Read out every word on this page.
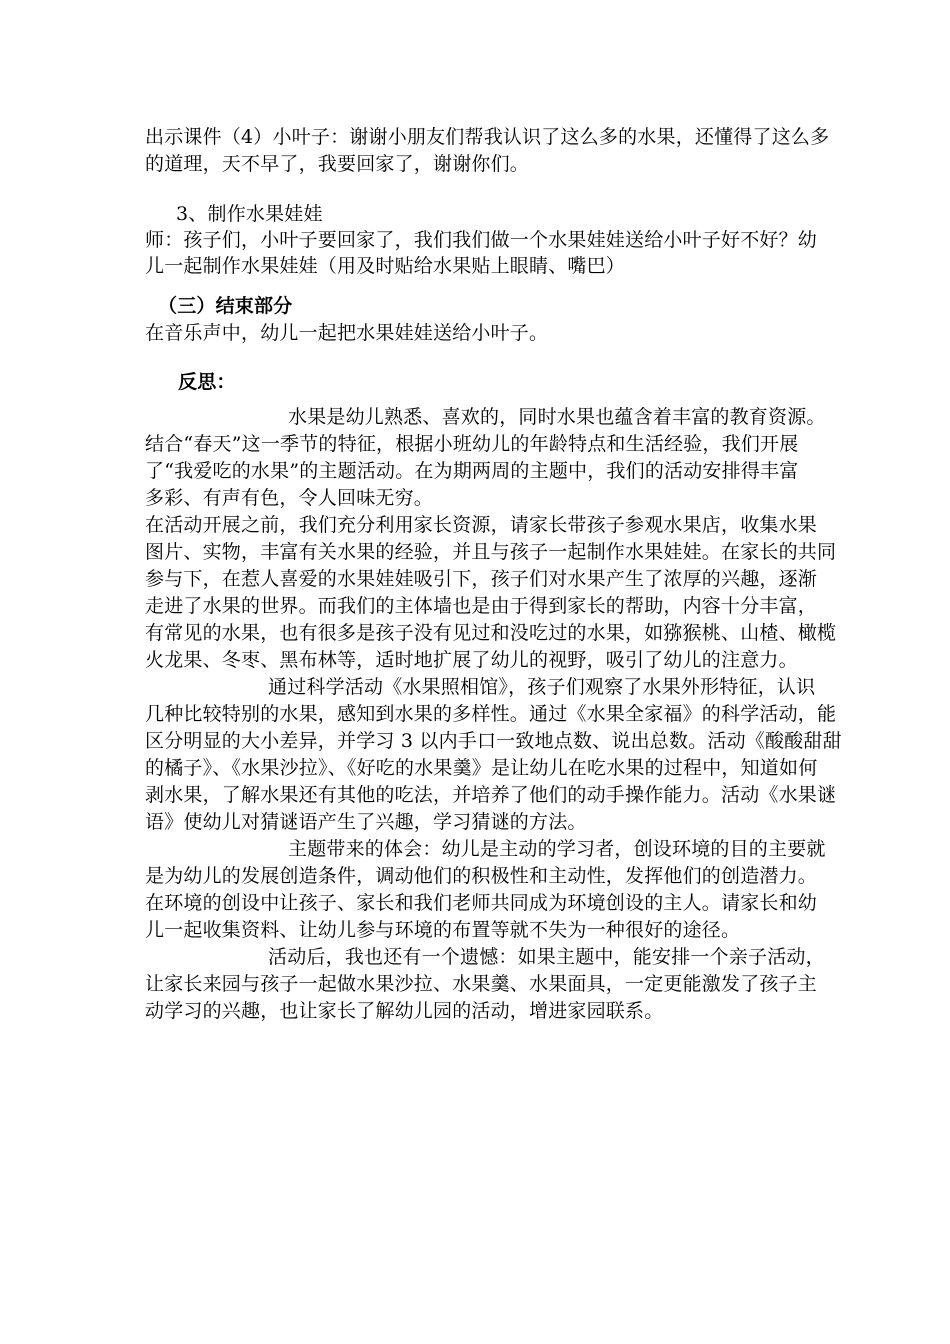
出示课件（4）小叶子：谢谢小朋友们帮我认识了这么多的水果，还懂得了这么多
的道理，天不早了，我要回家了，谢谢你们。
3、制作水果娃娃
师：孩子们，小叶子要回家了，我们我们做一个水果娃娃送给小叶子好不好？幼
儿一起制作水果娃娃（用及时贴给水果贴上眼睛、嘴巴）
（三）结束部分
在音乐声中，幼儿一起把水果娃娃送给小叶子。
反思：
水果是幼儿熟悉、喜欢的，同时水果也蕴含着丰富的教育资源。
结合“春天”这一季节的特征，根据小班幼儿的年龄特点和生活经验，我们开展
了“我爱吃的水果”的主题活动。在为期两周的主题中，我们的活动安排得丰富
多彩、有声有色，令人回味无穷。
在活动开展之前，我们充分利用家长资源，请家长带孩子参观水果店，收集水果
图片、实物，丰富有关水果的经验，并且与孩子一起制作水果娃娃。在家长的共同
参与下，在惹人喜爱的水果娃娃吸引下，孩子们对水果产生了浓厚的兴趣，逐渐
走进了水果的世界。而我们的主体墙也是由于得到家长的帮助，内容十分丰富，
有常见的水果，也有很多是孩子没有见过和没吃过的水果，如猕猴桃、山楂、橄榄
火龙果、冬枣、黑布林等，适时地扩展了幼儿的视野，吸引了幼儿的注意力。
通过科学活动《水果照相馆》，孩子们观察了水果外形特征，认识
几种比较特别的水果，感知到水果的多样性。通过《水果全家福》的科学活动，能
区分明显的大小差异，并学习 3 以内手口一致地点数、说出总数。活动《酸酸甜甜
的橘子》、《水果沙拉》、《好吃的水果羹》是让幼儿在吃水果的过程中，知道如何
剥水果，了解水果还有其他的吃法，并培养了他们的动手操作能力。活动《水果谜
语》使幼儿对猜谜语产生了兴趣，学习猜谜的方法。
主题带来的体会：幼儿是主动的学习者，创设环境的目的主要就
是为幼儿的发展创造条件，调动他们的积极性和主动性，发挥他们的创造潜力。
在环境的创设中让孩子、家长和我们老师共同成为环境创设的主人。请家长和幼
儿一起收集资料、让幼儿参与环境的布置等就不失为一种很好的途径。
活动后，我也还有一个遗憾：如果主题中，能安排一个亲子活动，
让家长来园与孩子一起做水果沙拉、水果羹、水果面具，一定更能激发了孩子主
动学习的兴趣，也让家长了解幼儿园的活动，增进家园联系。
